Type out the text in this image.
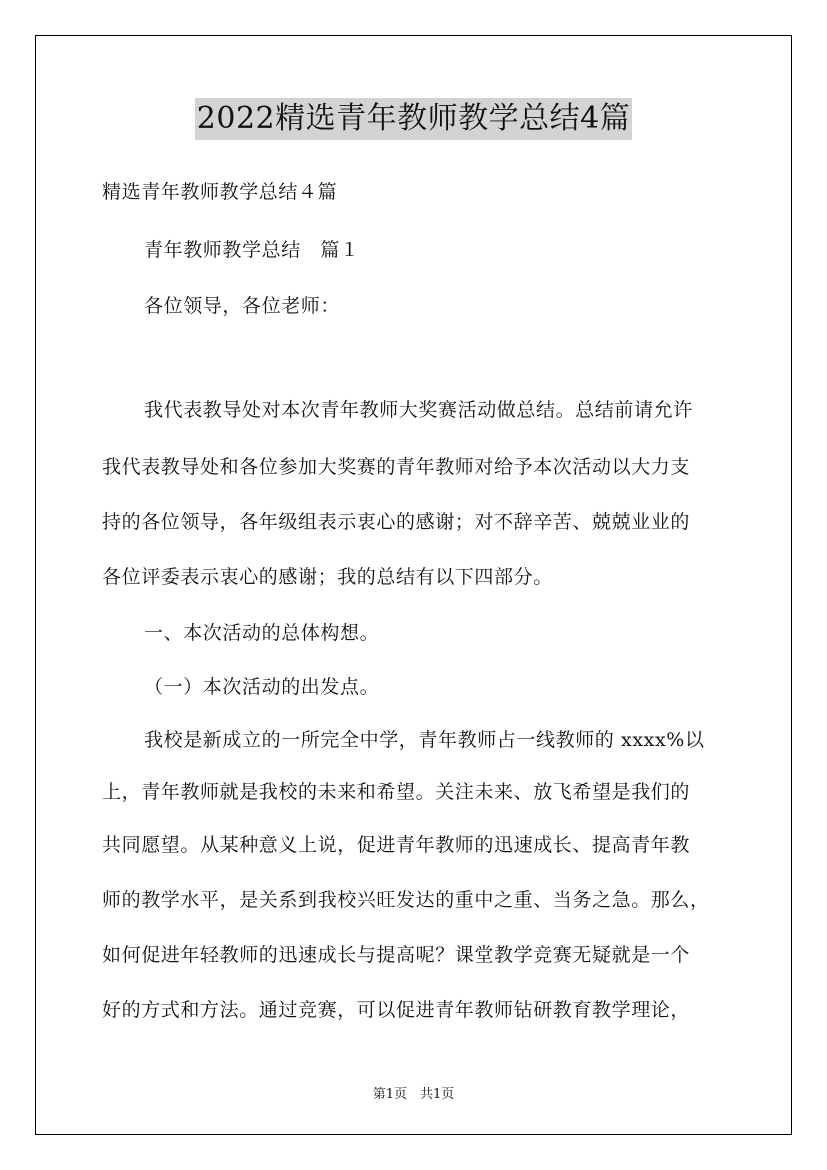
2022精选青年教师教学总结4篇
精选青年教师教学总结４篇
青年教师教学总结　篇１
各位领导，各位老师：
我代表教导处对本次青年教师大奖赛活动做总结。总结前请允许
我代表教导处和各位参加大奖赛的青年教师对给予本次活动以大力支
持的各位领导，各年级组表示衷心的感谢；对不辞辛苦、兢兢业业的
各位评委表示衷心的感谢；我的总结有以下四部分。
一、本次活动的总体构想。
（一）本次活动的出发点。
我校是新成立的一所完全中学，青年教师占一线教师的 xxxx%以
上，青年教师就是我校的未来和希望。关注未来、放飞希望是我们的
共同愿望。从某种意义上说，促进青年教师的迅速成长、提高青年教
师的教学水平，是关系到我校兴旺发达的重中之重、当务之急。那么，
如何促进年轻教师的迅速成长与提高呢？课堂教学竞赛无疑就是一个
好的方式和方法。通过竞赛，可以促进青年教师钻研教育教学理论，
第1页　共1页
